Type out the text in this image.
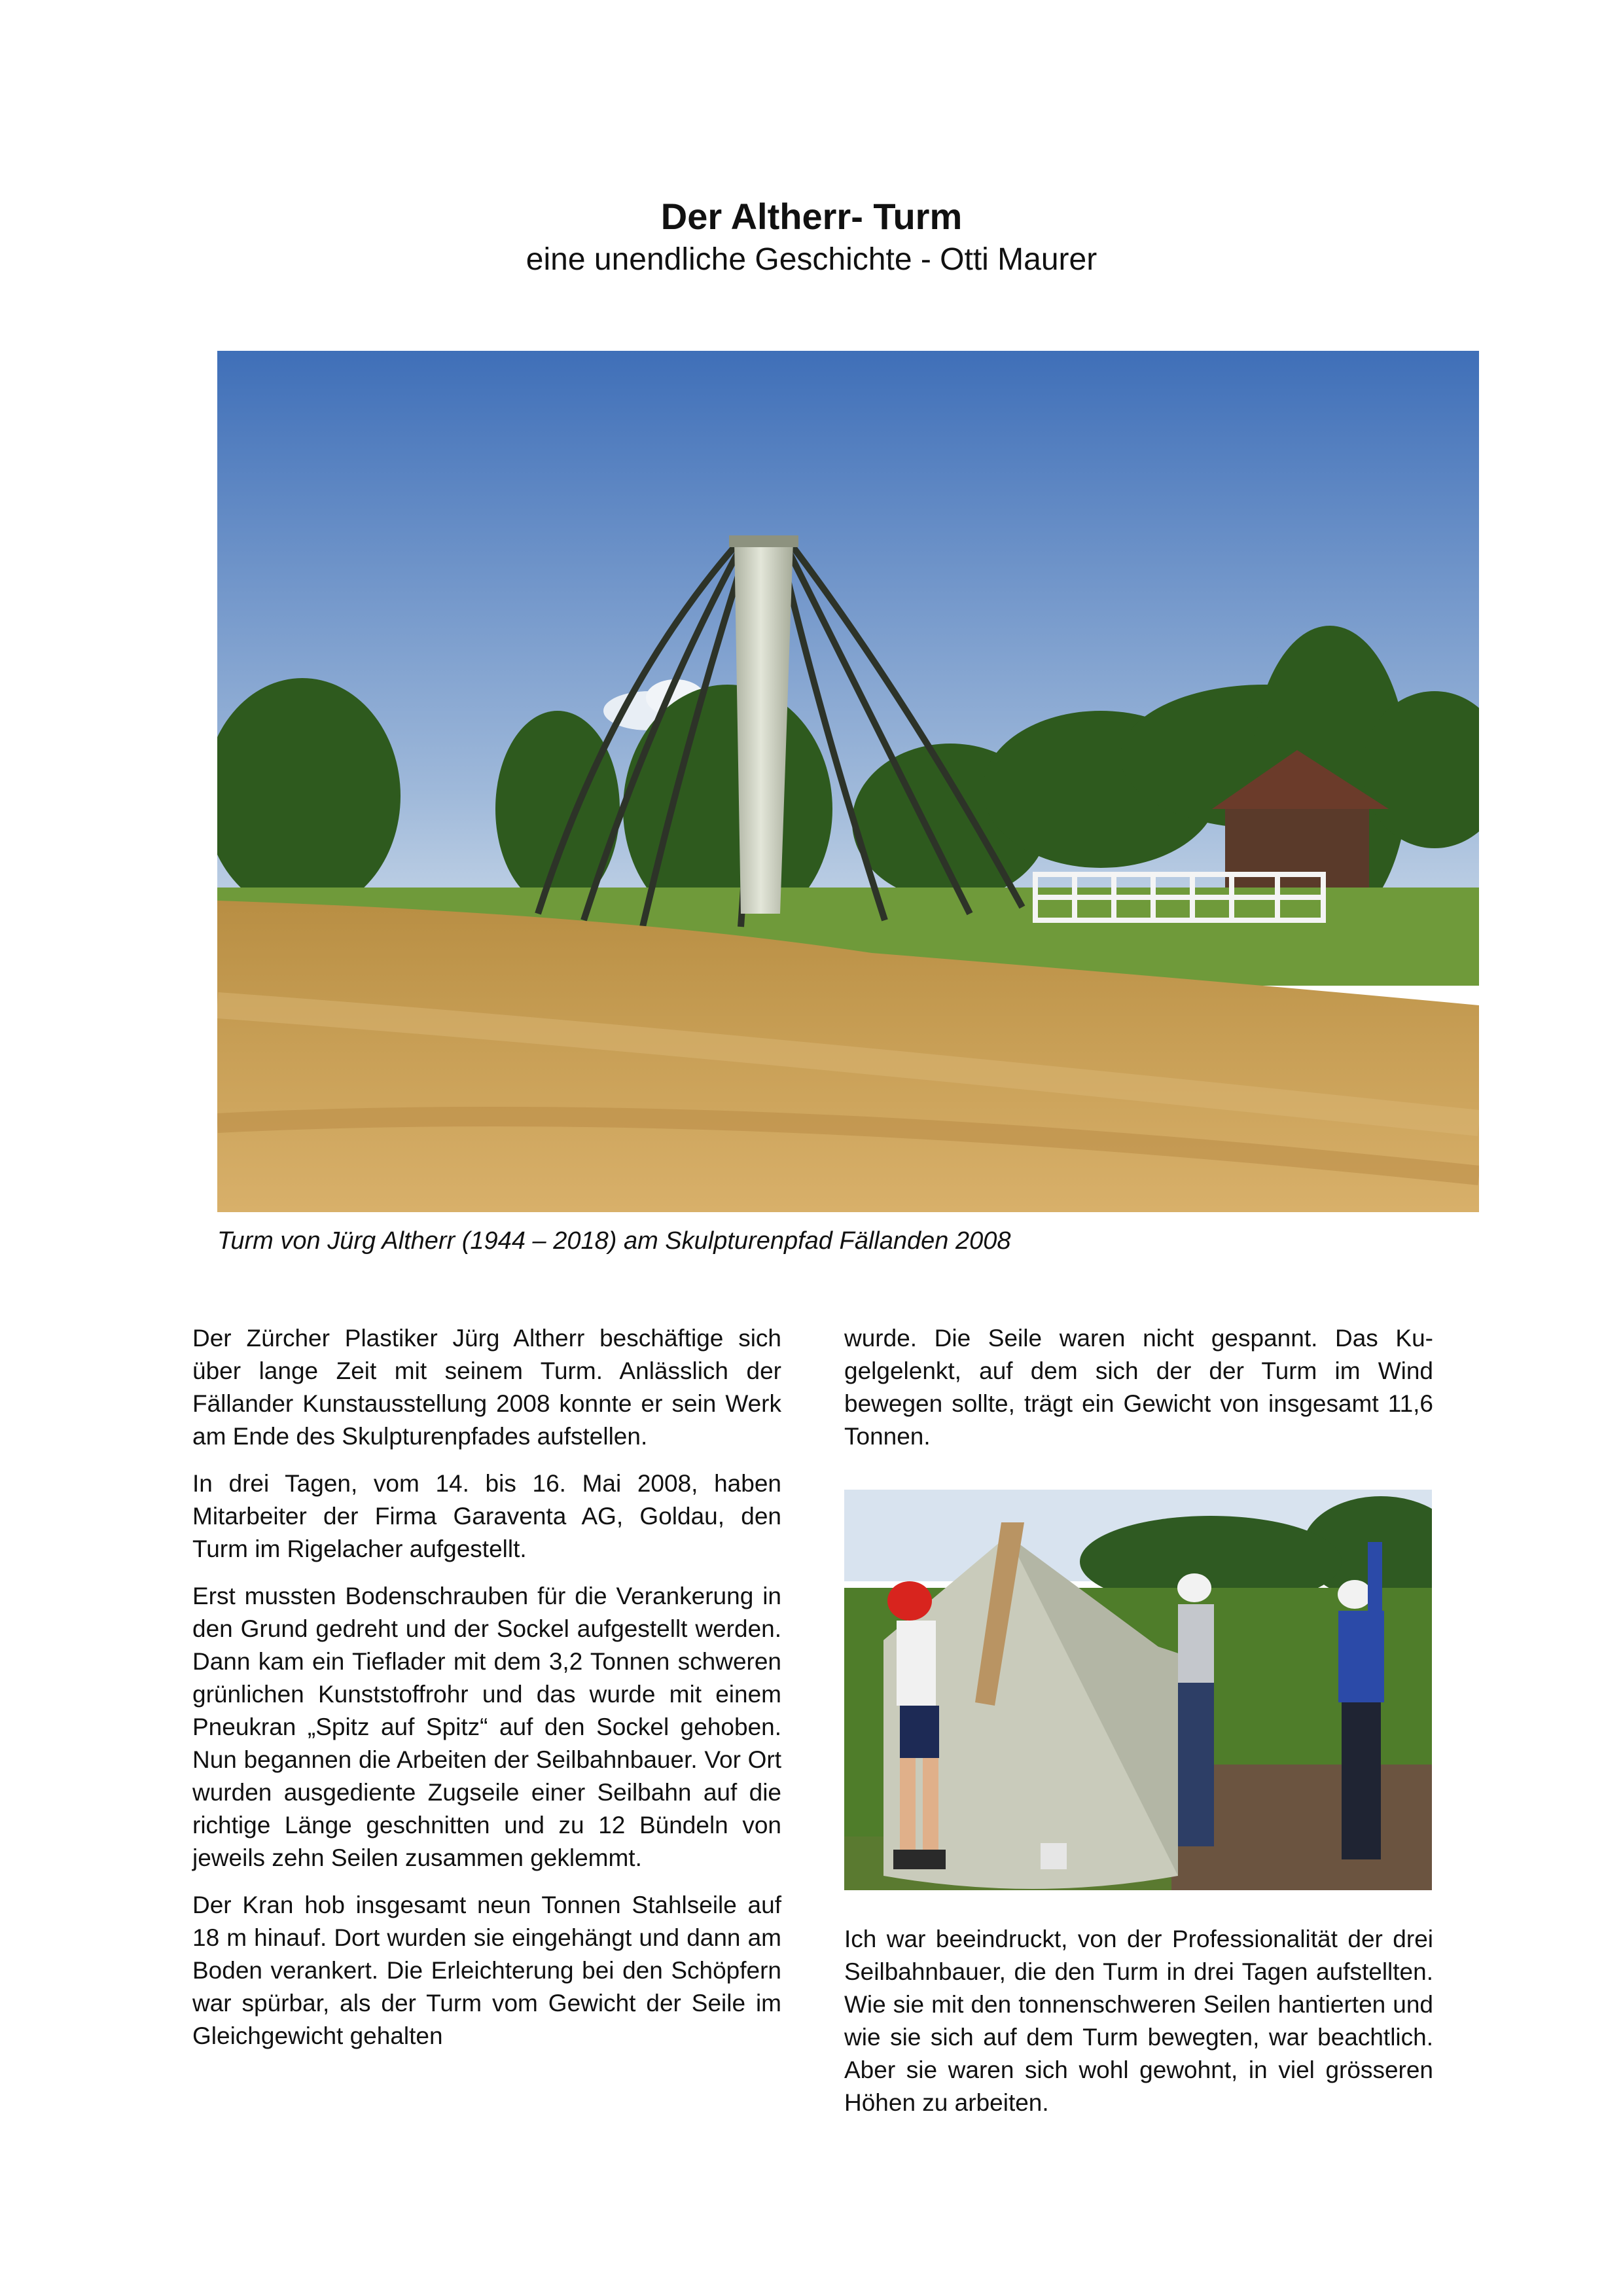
Der Altherr- Turm
eine unendliche Geschichte - Otti Maurer
Turm von Jürg Altherr (1944 – 2018) am Skulpturenpfad Fällanden 2008

Der Zürcher Plastiker Jürg Altherr beschäftige sich über lange Zeit mit seinem Turm. Anlässlich der Fällander Kunstausstellung 2008 konnte er sein Werk am Ende des Skulpturenpfades aufstellen.

In drei Tagen, vom 14. bis 16. Mai 2008, haben Mitarbeiter der Firma Garaventa AG, Goldau, den Turm im Rigelacher aufgestellt.

Erst mussten Bodenschrauben für die Verankerung in den Grund gedreht und der Sockel aufgestellt werden. Dann kam ein Tieflader mit dem 3,2 Tonnen schweren grünlichen Kunststoffrohr und das wurde mit einem Pneukran „Spitz auf Spitz“ auf den Sockel gehoben. Nun begannen die Arbeiten der Seilbahnbauer. Vor Ort wurden ausgediente Zugseile einer Seilbahn auf die richtige Länge geschnitten und zu 12 Bündeln von jeweils zehn Seilen zusammen geklemmt.

Der Kran hob insgesamt neun Tonnen Stahlseile auf 18 m hinauf. Dort wurden sie eingehängt und dann am Boden verankert. Die Erleichterung bei den Schöpfern war spürbar, als der Turm vom Gewicht der Seile im Gleichgewicht gehalten

wurde. Die Seile waren nicht gespannt. Das Kugelgelenkt, auf dem sich der der Turm im Wind bewegen sollte, trägt ein Gewicht von insgesamt 11,6 Tonnen.

Ich war beeindruckt, von der Professionalität der drei Seilbahnbauer, die den Turm in drei Tagen aufstellten. Wie sie mit den tonnenschweren Seilen hantierten und wie sie sich auf dem Turm bewegten, war beachtlich. Aber sie waren sich wohl gewohnt, in viel grösseren Höhen zu arbeiten.
